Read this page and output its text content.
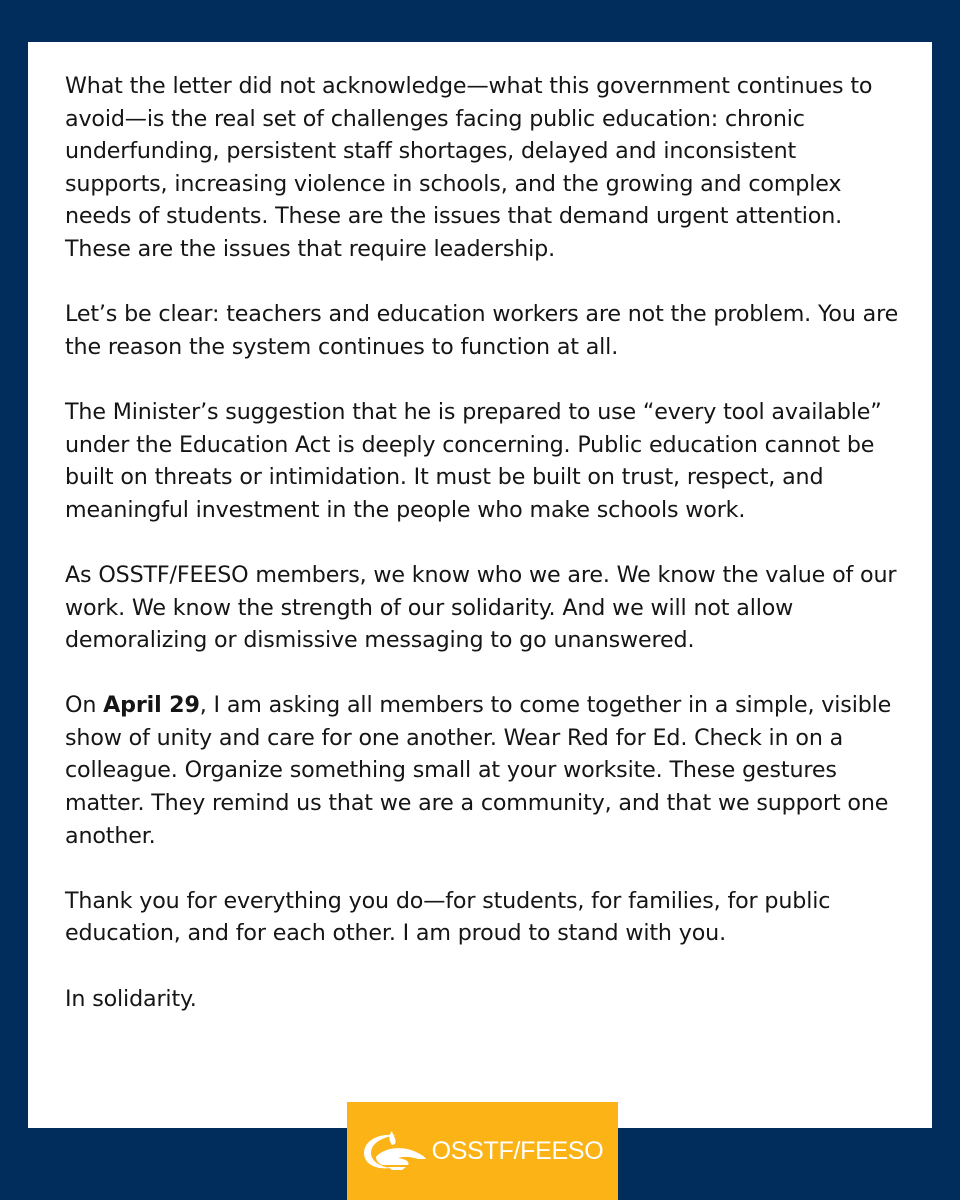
What the letter did not acknowledge—what this government continues to avoid—is the real set of challenges facing public education: chronic underfunding, persistent staff shortages, delayed and inconsistent supports, increasing violence in schools, and the growing and complex needs of students. These are the issues that demand urgent attention. These are the issues that require leadership.

Let’s be clear: teachers and education workers are not the problem. You are the reason the system continues to function at all.

The Minister’s suggestion that he is prepared to use “every tool available” under the Education Act is deeply concerning. Public education cannot be built on threats or intimidation. It must be built on trust, respect, and meaningful investment in the people who make schools work.

As OSSTF/FEESO members, we know who we are. We know the value of our work. We know the strength of our solidarity. And we will not allow demoralizing or dismissive messaging to go unanswered.

On April 29, I am asking all members to come together in a simple, visible show of unity and care for one another. Wear Red for Ed. Check in on a colleague. Organize something small at your worksite. These gestures matter. They remind us that we are a community, and that we support one another.

Thank you for everything you do—for students, for families, for public education, and for each other. I am proud to stand with you.

In solidarity.

OSSTF/FEESO
